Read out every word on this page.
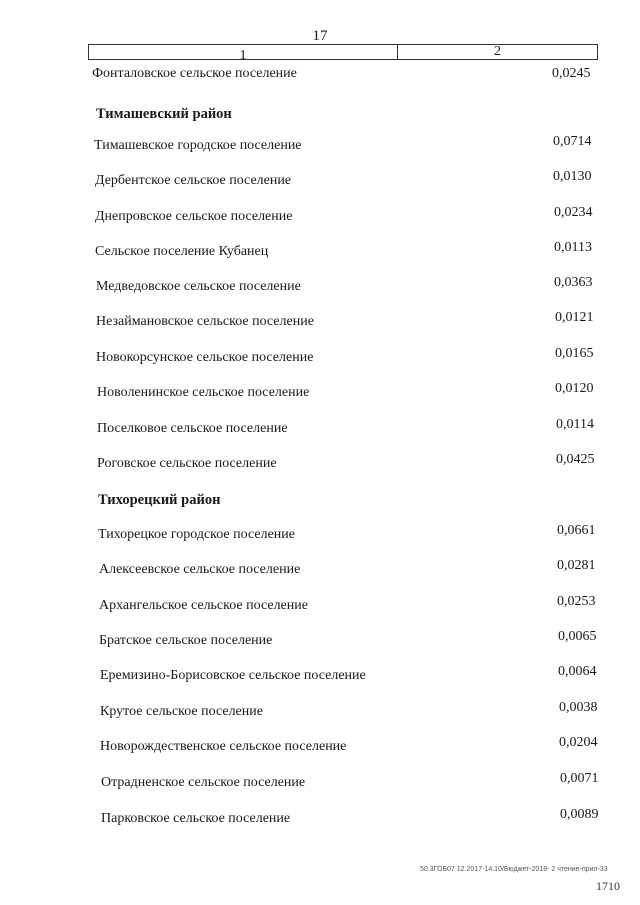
17
1	2
Фонталовское сельское поселение	0,0245
Тимашевский район
Тимашевское городское поселение	0,0714
Дербентское сельское поселение	0,0130
Днепровское сельское поселение	0,0234
Сельское поселение Кубанец	0,0113
Медведовское сельское поселение	0,0363
Незаймановское сельское поселение	0,0121
Новокорсунское сельское поселение	0,0165
Новоленинское сельское поселение	0,0120
Поселковое сельское поселение	0,0114
Роговское сельское поселение	0,0425
Тихорецкий район
Тихорецкое городское поселение	0,0661
Алексеевское сельское поселение	0,0281
Архангельское сельское поселение	0,0253
Братское сельское поселение	0,0065
Еремизино-Борисовское сельское поселение	0,0064
Крутое сельское поселение	0,0038
Новорождественское сельское поселение	0,0204
Отрадненское сельское поселение	0,0071
Парковское сельское поселение	0,0089
50.3ГОБ07 12.2017-14.10/Бюджет-2018- 2 чтение-прил-33
1710
